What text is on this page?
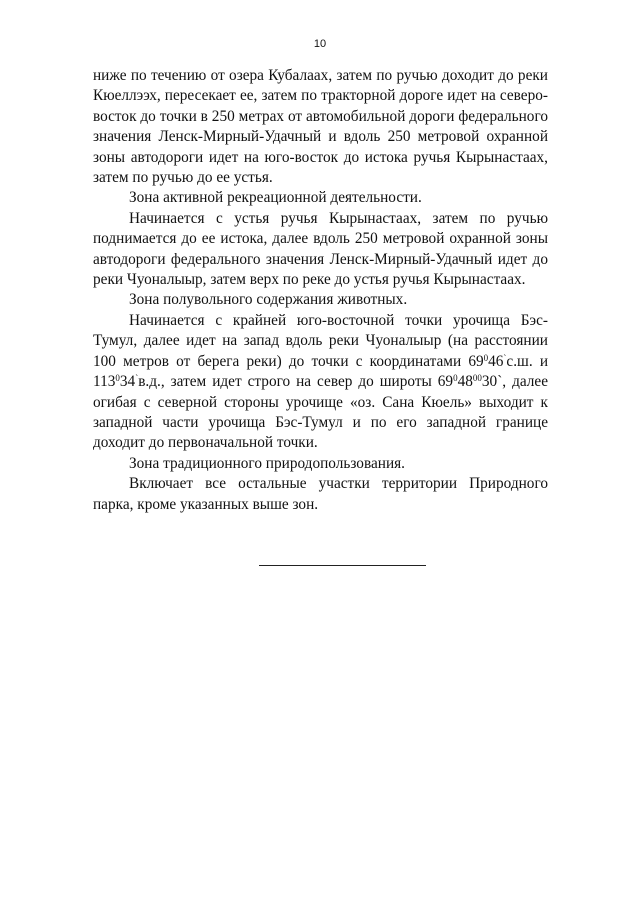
10

ниже по течению от озера Кубалаах, затем по ручью доходит до реки Кюеллээх, пересекает ее, затем по тракторной дороге идет на северо-восток до точки в 250 метрах от автомобильной дороги федерального значения Ленск-Мирный-Удачный и вдоль 250 метровой охранной зоны автодороги идет на юго-восток до истока ручья Кырынастаах, затем по ручью до ее устья.

Зона активной рекреационной деятельности.

Начинается с устья ручья Кырынастаах, затем по ручью поднимается до ее истока, далее вдоль 250 метровой охранной зоны автодороги федерального значения Ленск-Мирный-Удачный идет до реки Чуоналыыр, затем верх по реке до устья ручья Кырынастаах.

Зона полувольного содержания животных.

Начинается с крайней юго-восточной точки урочища Бэс-Тумул, далее идет на запад вдоль реки Чуоналыыр (на расстоянии 100 метров от берега реки) до точки с координатами $69^046^`с.ш$. и $113^034^`в.д$., затем идет строго на север до широты $69^048^{00}30`$, далее огибая с северной стороны урочище «оз. Сана Кюель» выходит к западной части урочища Бэс-Тумул и по его западной границе доходит до первоначальной точки.

Зона традиционного природопользования.

Включает все остальные участки территории Природного парка, кроме указанных выше зон.
